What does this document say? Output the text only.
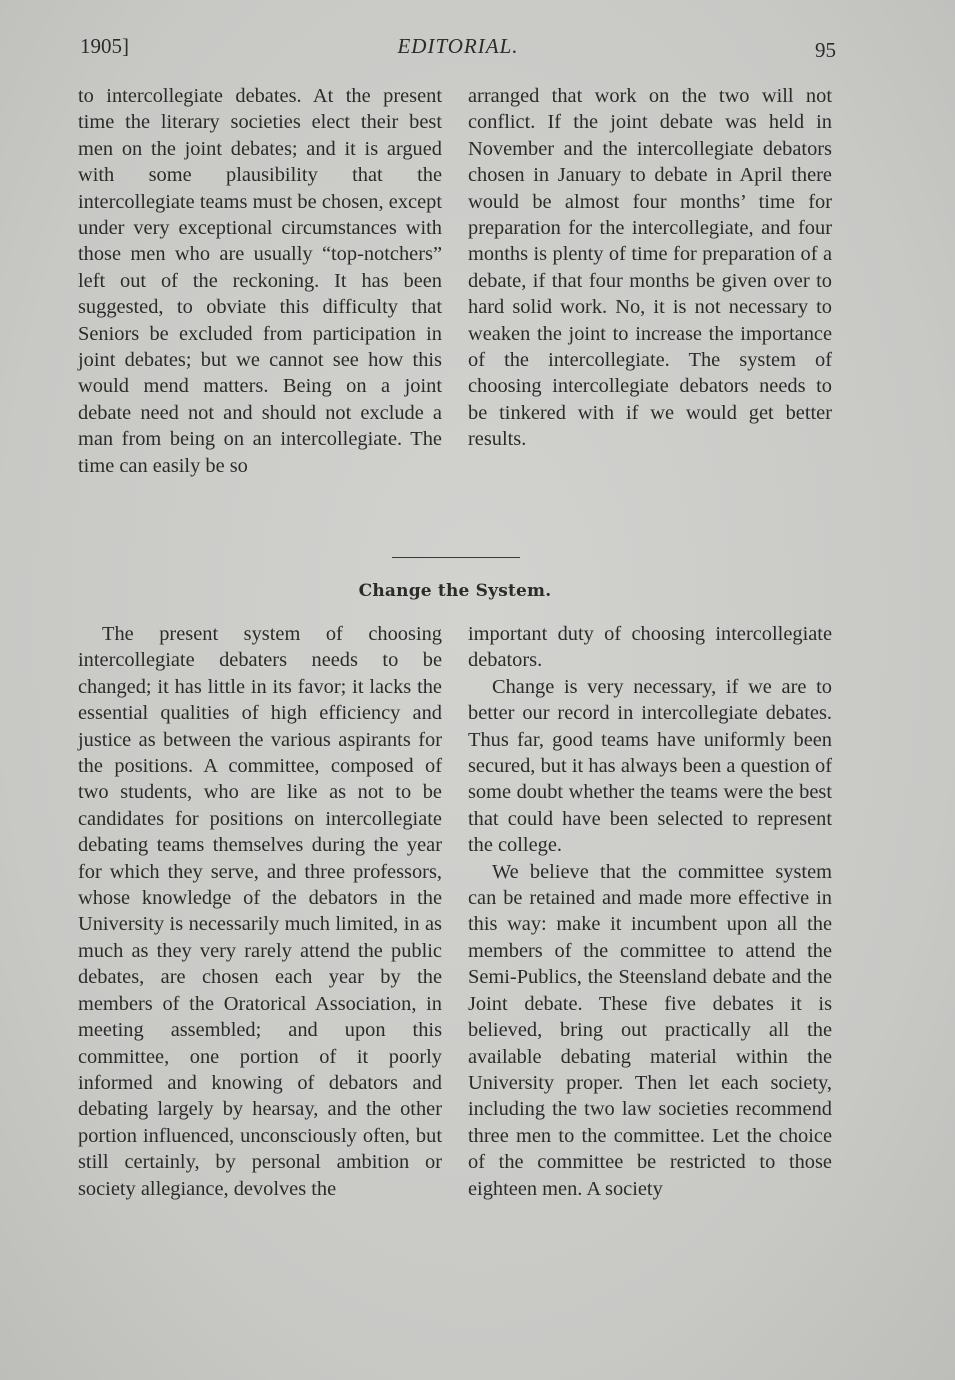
1905]	EDITORIAL.	95

to intercollegiate debates. At the present time the literary societies elect their best men on the joint debates; and it is argued with some plausibility that the intercollegiate teams must be chosen, except under very exceptional circumstances with those men who are usually “top-notchers” left out of the reckoning. It has been suggested, to obviate this difficulty that Seniors be excluded from participation in joint debates; but we cannot see how this would mend matters. Being on a joint debate need not and should not exclude a man from being on an intercollegiate. The time can easily be so

arranged that work on the two will not conflict. If the joint debate was held in November and the intercollegiate debators chosen in January to debate in April there would be almost four months’ time for preparation for the intercollegiate, and four months is plenty of time for preparation of a debate, if that four months be given over to hard solid work. No, it is not necessary to weaken the joint to increase the importance of the intercollegiate. The system of choosing intercollegiate debators needs to be tinkered with if we would get better results.

Change the System.

The present system of choosing intercollegiate debaters needs to be changed; it has little in its favor; it lacks the essential qualities of high efficiency and justice as between the various aspirants for the positions. A committee, composed of two students, who are like as not to be candidates for positions on intercollegiate debating teams themselves during the year for which they serve, and three professors, whose knowledge of the debators in the University is necessarily much limited, in as much as they very rarely attend the public debates, are chosen each year by the members of the Oratorical Association, in meeting assembled; and upon this committee, one portion of it poorly informed and knowing of debators and debating largely by hearsay, and the other portion influenced, unconsciously often, but still certainly, by personal ambition or society allegiance, devolves the

important duty of choosing intercollegiate debators.

Change is very necessary, if we are to better our record in intercollegiate debates. Thus far, good teams have uniformly been secured, but it has always been a question of some doubt whether the teams were the best that could have been selected to represent the college.

We believe that the committee system can be retained and made more effective in this way: make it incumbent upon all the members of the committee to attend the Semi-Publics, the Steensland debate and the Joint debate. These five debates it is believed, bring out practically all the available debating material within the University proper. Then let each society, including the two law societies recommend three men to the committee. Let the choice of the committee be restricted to those eighteen men. A society
